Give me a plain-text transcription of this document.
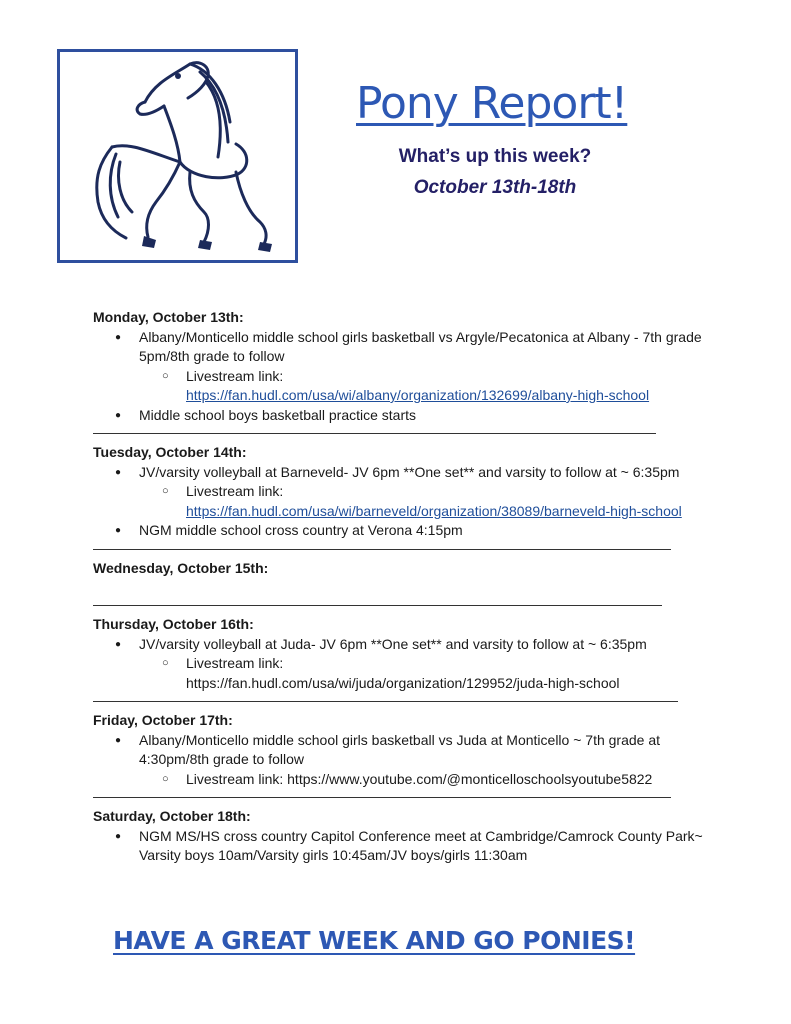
Pony Report!
What’s up this week?
October 13th-18th
Monday, October 13th:
● Albany/Monticello middle school girls basketball vs Argyle/Pecatonica at Albany - 7th grade 5pm/8th grade to follow
○ Livestream link:
https://fan.hudl.com/usa/wi/albany/organization/132699/albany-high-school
● Middle school boys basketball practice starts
Tuesday, October 14th:
● JV/varsity volleyball at Barneveld- JV 6pm **One set** and varsity to follow at ~ 6:35pm
○ Livestream link:
https://fan.hudl.com/usa/wi/barneveld/organization/38089/barneveld-high-school
● NGM middle school cross country at Verona 4:15pm
Wednesday, October 15th:
Thursday, October 16th:
● JV/varsity volleyball at Juda- JV 6pm **One set** and varsity to follow at ~ 6:35pm
○ Livestream link:
https://fan.hudl.com/usa/wi/juda/organization/129952/juda-high-school
Friday, October 17th:
● Albany/Monticello middle school girls basketball vs Juda at Monticello ~ 7th grade at 4:30pm/8th grade to follow
○ Livestream link: https://www.youtube.com/@monticelloschoolsyoutube5822
Saturday, October 18th:
● NGM MS/HS cross country Capitol Conference meet at Cambridge/Camrock County Park~ Varsity boys 10am/Varsity girls 10:45am/JV boys/girls 11:30am
HAVE A GREAT WEEK AND GO PONIES!
